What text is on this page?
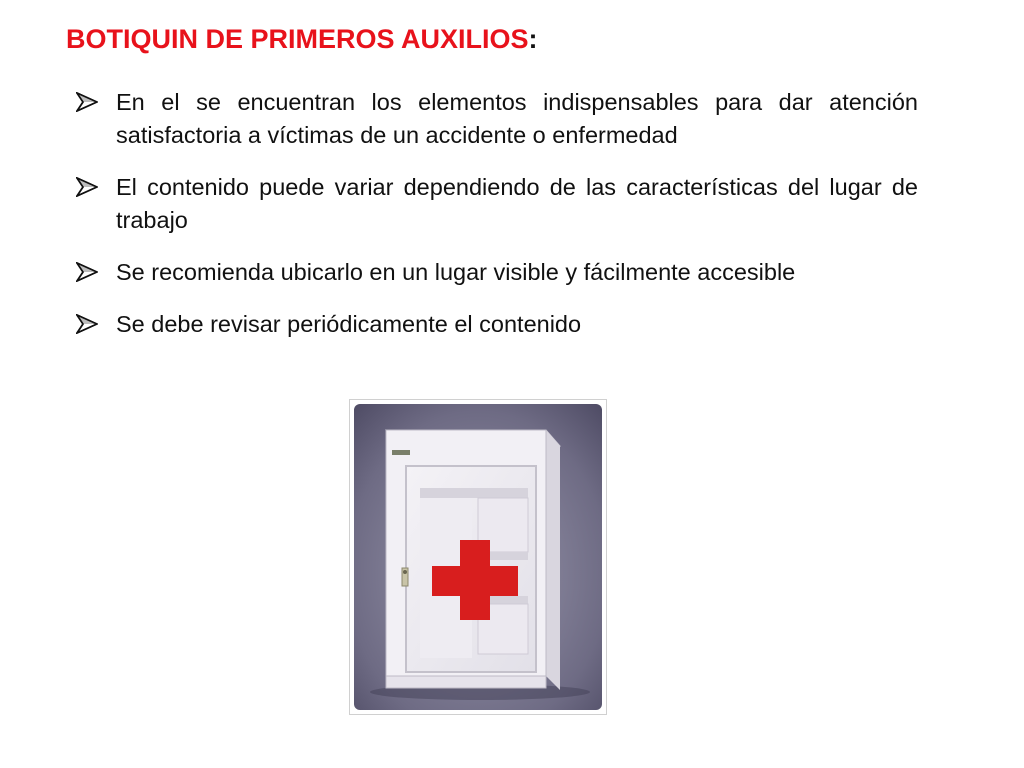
BOTIQUIN DE PRIMEROS AUXILIOS:
En el se encuentran los elementos indispensables para dar atención satisfactoria a víctimas de un accidente o enfermedad
El contenido puede variar dependiendo de las características del lugar de trabajo
Se recomienda ubicarlo en un lugar visible y fácilmente accesible
Se debe revisar periódicamente el contenido
